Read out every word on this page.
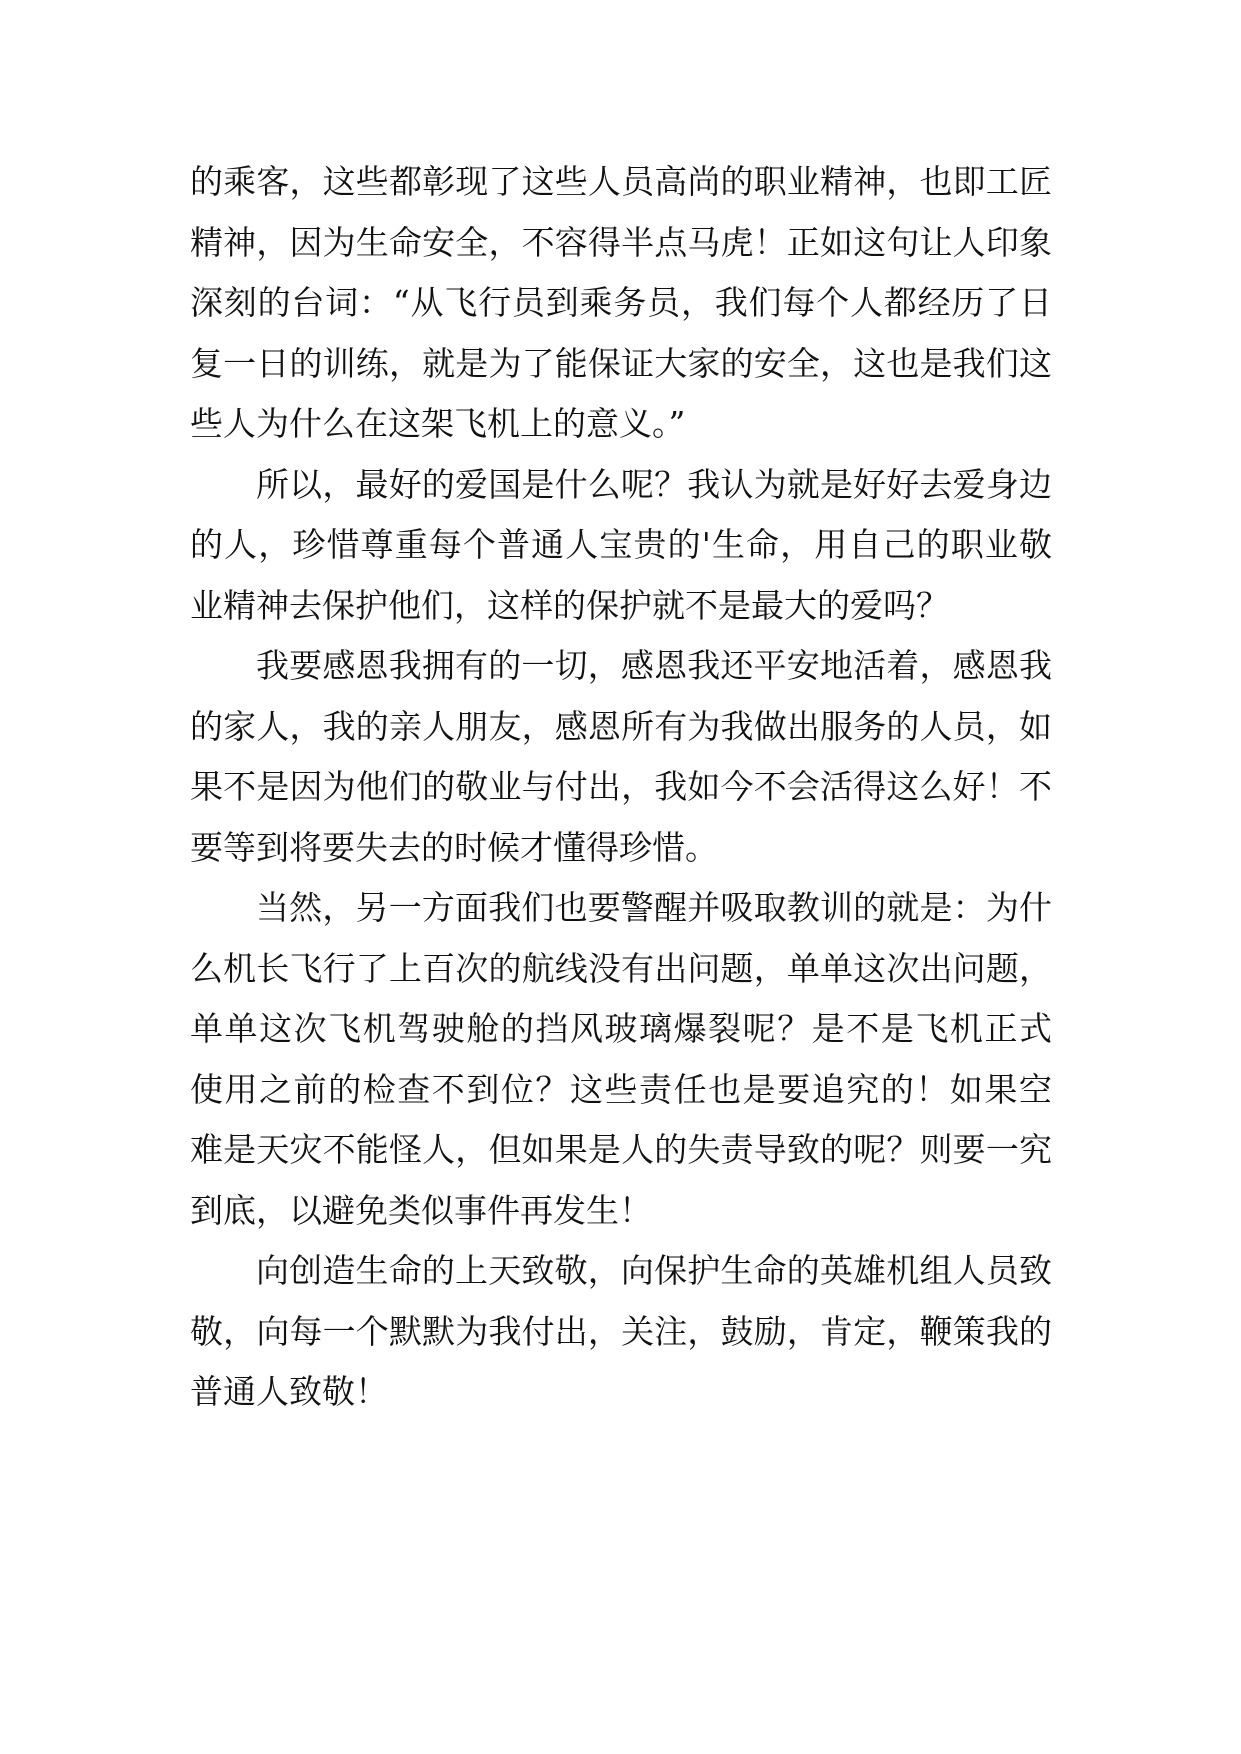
的乘客，这些都彰现了这些人员高尚的职业精神，也即工匠
精神，因为生命安全，不容得半点马虎！正如这句让人印象
深刻的台词：“从飞行员到乘务员，我们每个人都经历了日
复一日的训练，就是为了能保证大家的安全，这也是我们这
些人为什么在这架飞机上的意义。”
所以，最好的爱国是什么呢？我认为就是好好去爱身边
的人，珍惜尊重每个普通人宝贵的'生命，用自己的职业敬
业精神去保护他们，这样的保护就不是最大的爱吗？
我要感恩我拥有的一切，感恩我还平安地活着，感恩我
的家人，我的亲人朋友，感恩所有为我做出服务的人员，如
果不是因为他们的敬业与付出，我如今不会活得这么好！不
要等到将要失去的时候才懂得珍惜。
当然，另一方面我们也要警醒并吸取教训的就是：为什
么机长飞行了上百次的航线没有出问题，单单这次出问题，
单单这次飞机驾驶舱的挡风玻璃爆裂呢？是不是飞机正式
使用之前的检查不到位？这些责任也是要追究的！如果空
难是天灾不能怪人，但如果是人的失责导致的呢？则要一究
到底，以避免类似事件再发生！
向创造生命的上天致敬，向保护生命的英雄机组人员致
敬，向每一个默默为我付出，关注，鼓励，肯定，鞭策我的
普通人致敬！
